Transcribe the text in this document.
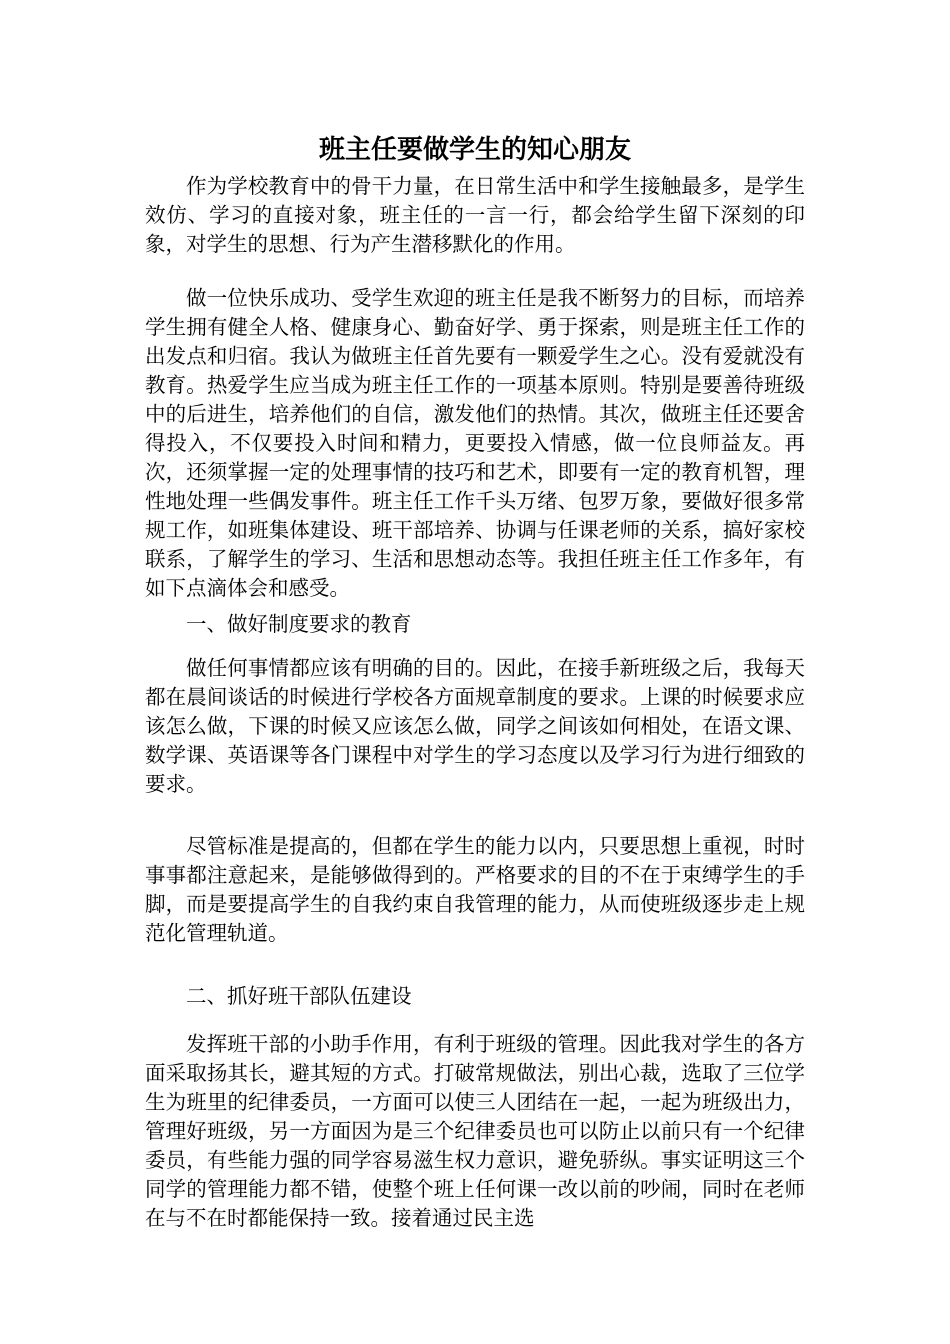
班主任要做学生的知心朋友

作为学校教育中的骨干力量，在日常生活中和学生接触最多，是学生效仿、学习的直接对象，班主任的一言一行，都会给学生留下深刻的印象，对学生的思想、行为产生潜移默化的作用。

做一位快乐成功、受学生欢迎的班主任是我不断努力的目标，而培养学生拥有健全人格、健康身心、勤奋好学、勇于探索，则是班主任工作的出发点和归宿。我认为做班主任首先要有一颗爱学生之心。没有爱就没有教育。热爱学生应当成为班主任工作的一项基本原则。特别是要善待班级中的后进生，培养他们的自信，激发他们的热情。其次，做班主任还要舍得投入，不仅要投入时间和精力，更要投入情感，做一位良师益友。再次，还须掌握一定的处理事情的技巧和艺术，即要有一定的教育机智，理性地处理一些偶发事件。班主任工作千头万绪、包罗万象，要做好很多常规工作，如班集体建设、班干部培养、协调与任课老师的关系，搞好家校联系，了解学生的学习、生活和思想动态等。我担任班主任工作多年，有如下点滴体会和感受。

一、做好制度要求的教育

做任何事情都应该有明确的目的。因此，在接手新班级之后，我每天都在晨间谈话的时候进行学校各方面规章制度的要求。上课的时候要求应该怎么做，下课的时候又应该怎么做，同学之间该如何相处，在语文课、数学课、英语课等各门课程中对学生的学习态度以及学习行为进行细致的要求。

尽管标准是提高的，但都在学生的能力以内，只要思想上重视，时时事事都注意起来，是能够做得到的。严格要求的目的不在于束缚学生的手脚，而是要提高学生的自我约束自我管理的能力，从而使班级逐步走上规范化管理轨道。

二、抓好班干部队伍建设

发挥班干部的小助手作用，有利于班级的管理。因此我对学生的各方面采取扬其长，避其短的方式。打破常规做法，别出心裁，选取了三位学生为班里的纪律委员，一方面可以使三人团结在一起，一起为班级出力，管理好班级，另一方面因为是三个纪律委员也可以防止以前只有一个纪律委员，有些能力强的同学容易滋生权力意识，避免骄纵。事实证明这三个同学的管理能力都不错，使整个班上任何课一改以前的吵闹，同时在老师在与不在时都能保持一致。接着通过民主选
